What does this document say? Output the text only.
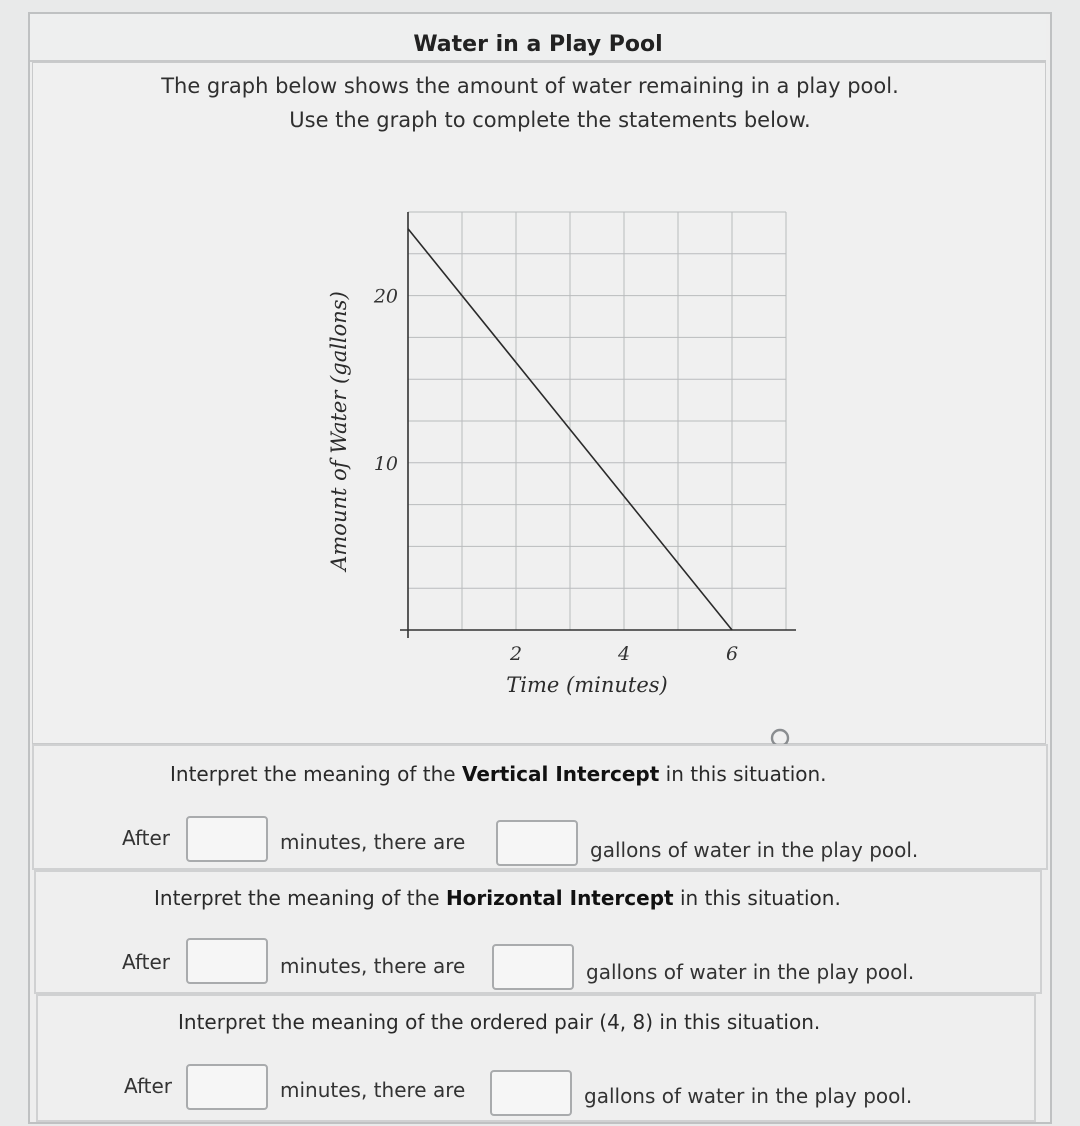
Water in a Play Pool
The graph below shows the amount of water remaining in a play pool.
Use the graph to complete the statements below.
2	4	6
10
20
Time (minutes)
Amount of Water (gallons)
Interpret the meaning of the Vertical Intercept in this situation.
After	minutes, there are	gallons of water in the play pool.
Interpret the meaning of the Horizontal Intercept in this situation.
After	minutes, there are	gallons of water in the play pool.
Interpret the meaning of the ordered pair (4, 8) in this situation.
After	minutes, there are	gallons of water in the play pool.
